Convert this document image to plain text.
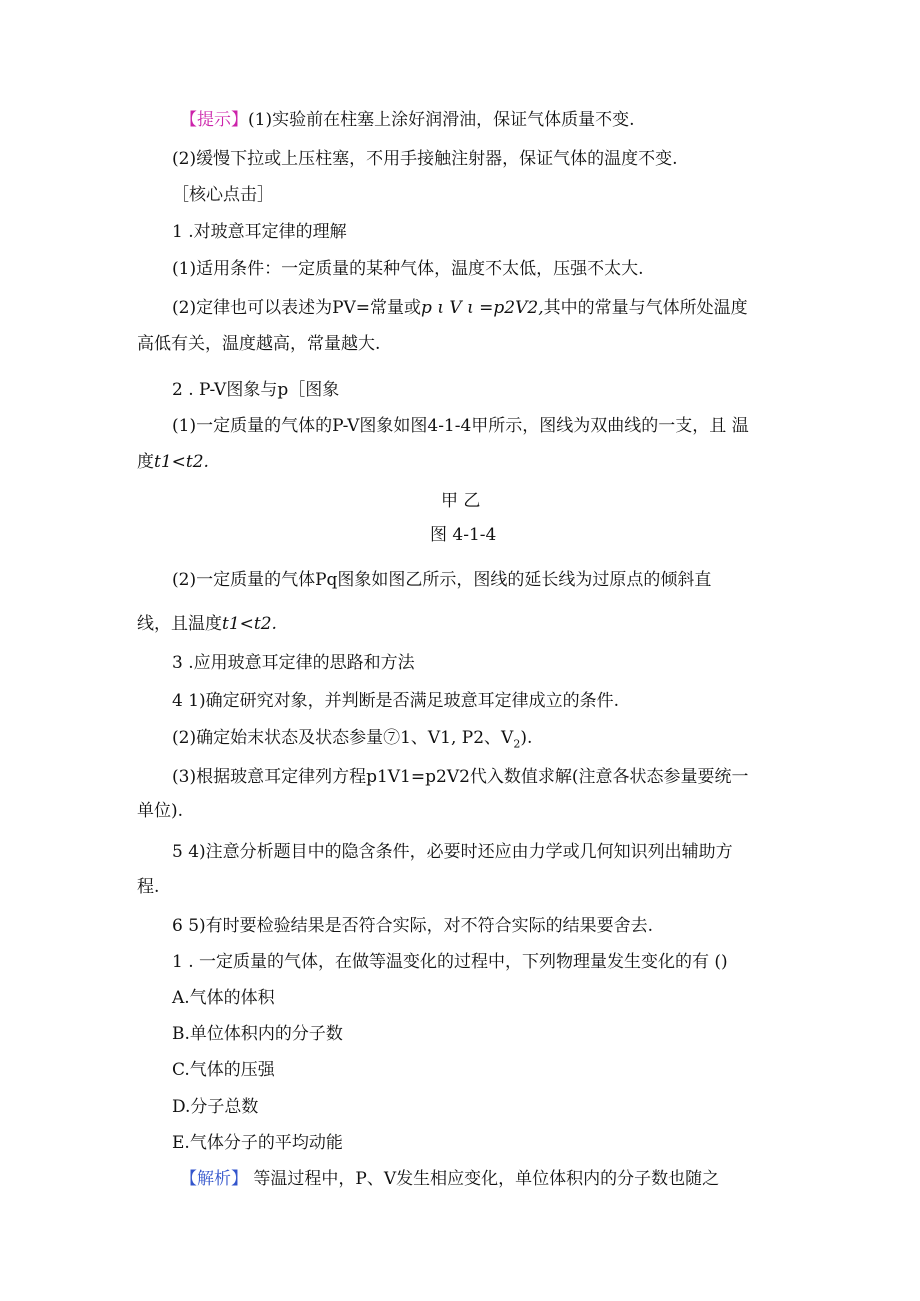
【提示】(1)实验前在柱塞上涂好润滑油，保证气体质量不变.
(2)缓慢下拉或上压柱塞，不用手接触注射器，保证气体的温度不变.
［核心点击］
1 .对玻意耳定律的理解
(1)适用条件：一定质量的某种气体，温度不太低，压强不太大.
(2)定律也可以表述为PV=常量或p ι V ι =p2V2,其中的常量与气体所处温度
高低有关，温度越高，常量越大.
2 . P-V图象与p［图象
(1)一定质量的气体的P-V图象如图4-1-4甲所示，图线为双曲线的一支，且 温
度t1<t2.
甲 乙
图 4-1-4
(2)一定质量的气体Pq图象如图乙所示，图线的延长线为过原点的倾斜直
线，且温度t1<t2.
3 .应用玻意耳定律的思路和方法
4 1)确定研究对象，并判断是否满足玻意耳定律成立的条件.
(2)确定始末状态及状态参量⑦1、V1, P2、$V_2$).
(3)根据玻意耳定律列方程p1V1=p2V2代入数值求解(注意各状态参量要统一
单位).
5 4)注意分析题目中的隐含条件，必要时还应由力学或几何知识列出辅助方
程.
6 5)有时要检验结果是否符合实际，对不符合实际的结果要舍去.
1 . 一定质量的气体，在做等温变化的过程中，下列物理量发生变化的有 ()
A.气体的体积
B.单位体积内的分子数
C.气体的压强
D.分子总数
E.气体分子的平均动能
【解析】 等温过程中，P、V发生相应变化，单位体积内的分子数也随之
